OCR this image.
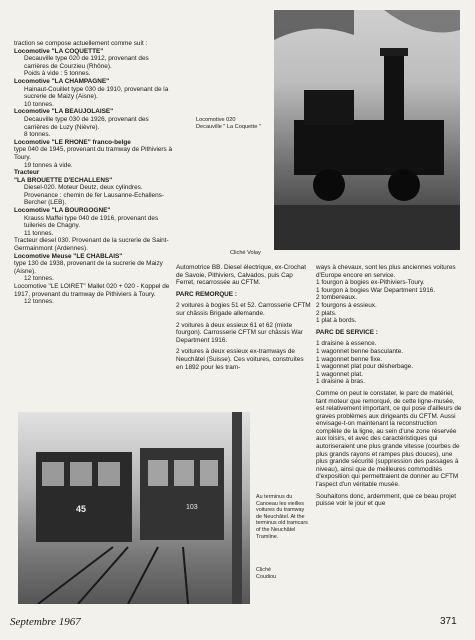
traction se compose actuellement comme suit :

Locomotive "LA COQUETTE"

Decauville type 020 de 1912, provenant des carrières de Courzieu (Rhône).

Poids à vide : 5 tonnes.

Locomotive "LA CHAMPAGNE"

Hainaut-Couillet type 030 de 1910, provenant de la sucrerie de Maizy (Aisne).

10 tonnes.

Locomotive "LA BEAUJOLAISE"

Decauville type 030 de 1926, provenant des carrières de Luzy (Nièvre).

8 tonnes.

Locomotive "LE RHONE" franco-belge

type 040 de 1945, provenant du tramway de Pithiviers à Toury.

19 tonnes à vide.

Tracteur

"LA BROUETTE D'ECHALLENS"

Diesel-020. Moteur Deutz, deux cylindres. Provenance : chemin de fer Lausanne-Echallens-Bercher (LEB).

Locomotive "LA BOURGOGNE"

Krauss Maffei type 040 de 1916, provenant des tuileries de Chagny.

11 tonnes.

Tracteur diesel 030. Provenant de la sucrerie de Saint-Germainmont (Ardennes).

Locomotive Meuse "LE CHABLAIS"

type 130 de 1938, provenant de la sucrerie de Maizy (Aisne).

12 tonnes.

Locomotive "LE LOIRET" Mallet 020 + 020 - Koppel de 1917, provenant du tramway de Pithiviers à Toury.

12 tonnes.

Locomotive 020
Decauville " La Coquette "
Cliché Volay

Automotrice BB. Diesel électrique, ex-Crochat de Savoie, Pithiviers, Calvados, puis Cap Ferret, recarrossée au CFTM.

PARC REMORQUE :

2 voitures à bogies 51 et 52. Carrosserie CFTM sur châssis Brigade allemande.

2 voitures à deux essieux 61 et 62 (mixte fourgon). Carrosserie CFTM sur châssis War Department 1916.

2 voitures à deux essieux ex-tramways de Neuchâtel (Suisse). Ces voitures, construites en 1892 pour les tram-

ways à chevaux, sont les plus anciennes voitures d'Europe encore en service.

1 fourgon à bogies ex-Pithiviers-Toury.

1 fourgon à bogies War Department 1916.

2 tombereaux.

2 fourgons à essieux.

2 plats.

1 plat à bords.

PARC DE SERVICE :

1 draisine à essence.

1 wagonnet benne basculante.

1 wagonnet benne fixe.

1 wagonnet plat pour désherbage.

1 wagonnet plat.

1 draisine à bras.

Comme on peut le constater, le parc de matériel, tant moteur que remorqué, de cette ligne-musée, est relativement important, ce qui pose d'ailleurs de graves problèmes aux dirigeants du CFTM. Aussi envisage-t-on maintenant la reconstruction complète de la ligne, au sein d'une zone réservée aux loisirs, et avec des caractéristiques qui autoriseraient une plus grande vitesse (courbes de plus grands rayons et rampes plus douces), une plus grande sécurité (suppression des passages à niveau), ainsi que de meilleures commodités d'exposition qui permettraient de donner au CFTM l'aspect d'un véritable musée.

Souhaitons donc, ardemment, que ce beau projet puisse voir le jour et que

45	103
Au terminus du Canoeau les vieilles voitures du tramway de Neuchâtel. At the terminus old tramcars of the Neuchâtel Tramline.
Cliché Coudiou
Septembre 1967	371
